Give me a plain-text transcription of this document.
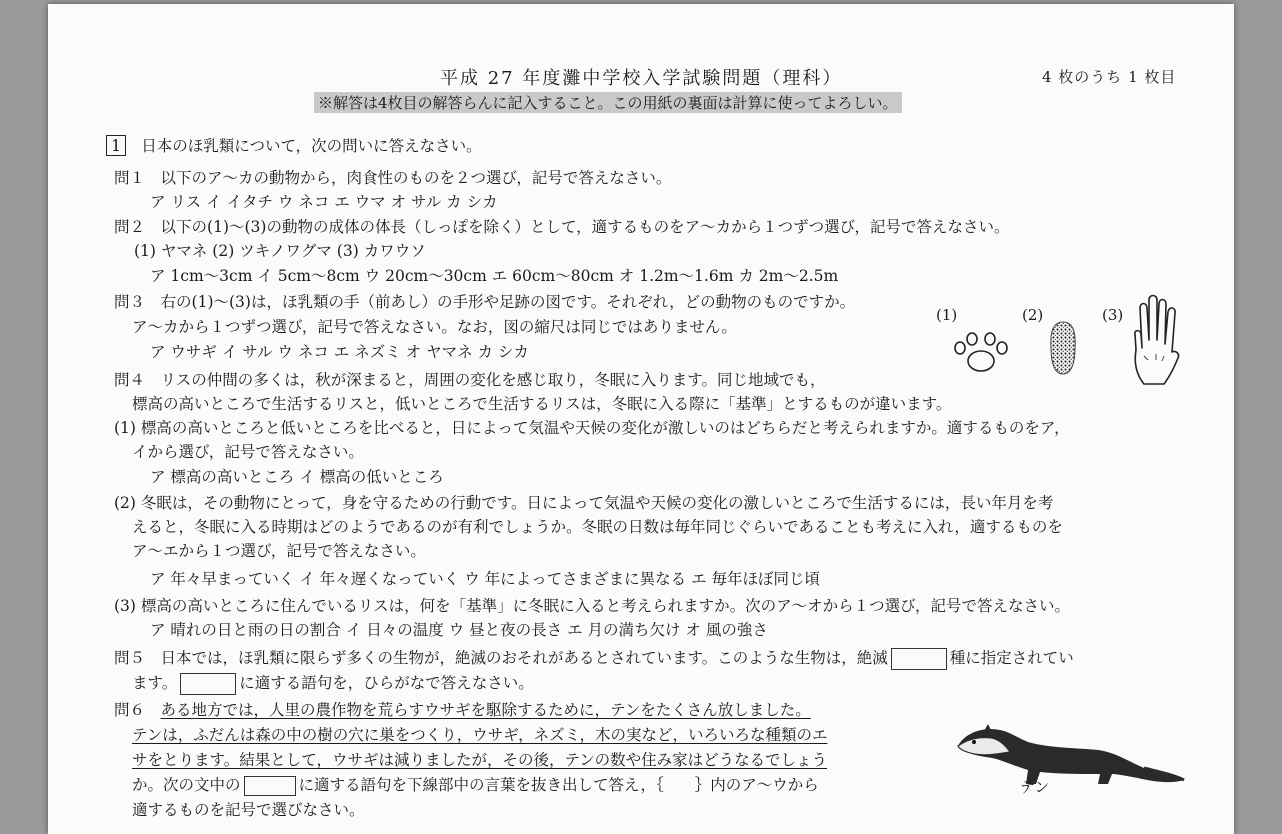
平成 27 年度灘中学校入学試験問題（理科）	4 枚のうち 1 枚目
※解答は4枚目の解答らんに記入すること。この用紙の裏面は計算に使ってよろしい。
1 日本のほ乳類について，次の問いに答えなさい。
問１　 以下のア～カの動物から，肉食性のものを２つ選び，記号で答えなさい。
ア リス イ イタチ ウ ネコ エ ウマ オ サル カ シカ
問２　 以下の(1)～(3)の動物の成体の体長（しっぽを除く）として，適するものをア～カから１つずつ選び，記号で答えなさい。
(1) ヤマネ (2) ツキノワグマ (3) カワウソ
ア 1cm～3cm イ 5cm～8cm ウ 20cm～30cm エ 60cm～80cm オ 1.2m～1.6m カ 2m～2.5m
問３　 右の(1)～(3)は，ほ乳類の手（前あし）の手形や足跡の図です。それぞれ，どの動物のものですか。
ア～カから１つずつ選び，記号で答えなさい。なお，図の縮尺は同じではありません。
ア ウサギ イ サル ウ ネコ エ ネズミ オ ヤマネ カ シカ
(1)	(2)	(3)
問４　 リスの仲間の多くは，秋が深まると，周囲の変化を感じ取り，冬眠に入ります。同じ地域でも，
標高の高いところで生活するリスと，低いところで生活するリスは，冬眠に入る際に「基準」とするものが違います。
(1) 標高の高いところと低いところを比べると，日によって気温や天候の変化が激しいのはどちらだと考えられますか。適するものをア，
イから選び，記号で答えなさい。
ア 標高の高いところ イ 標高の低いところ
(2) 冬眠は，その動物にとって，身を守るための行動です。日によって気温や天候の変化の激しいところで生活するには，長い年月を考
えると，冬眠に入る時期はどのようであるのが有利でしょうか。冬眠の日数は毎年同じぐらいであることも考えに入れ，適するものを
ア～エから１つ選び，記号で答えなさい。
ア 年々早まっていく イ 年々遅くなっていく ウ 年によってさまざまに異なる エ 毎年ほぼ同じ頃
(3) 標高の高いところに住んでいるリスは，何を「基準」に冬眠に入ると考えられますか。次のア～オから１つ選び，記号で答えなさい。
ア 晴れの日と雨の日の割合 イ 日々の温度 ウ 昼と夜の長さ エ 月の満ち欠け オ 風の強さ
問５　 日本では，ほ乳類に限らず多くの生物が，絶滅のおそれがあるとされています。このような生物は，絶滅	種に指定されてい
ます。	に適する語句を，ひらがなで答えなさい。
問６　 ある地方では，人里の農作物を荒らすウサギを駆除するために，テンをたくさん放しました。
テンは，ふだんは森の中の樹の穴に巣をつくり，ウサギ，ネズミ，木の実など，いろいろな種類のエ
サをとります。結果として，ウサギは減りましたが，その後，テンの数や住み家はどうなるでしょう
か。次の文中の	に適する語句を下線部中の言葉を抜き出して答え，｛　　｝内のア～ウから
適するものを記号で選びなさい。
テン
